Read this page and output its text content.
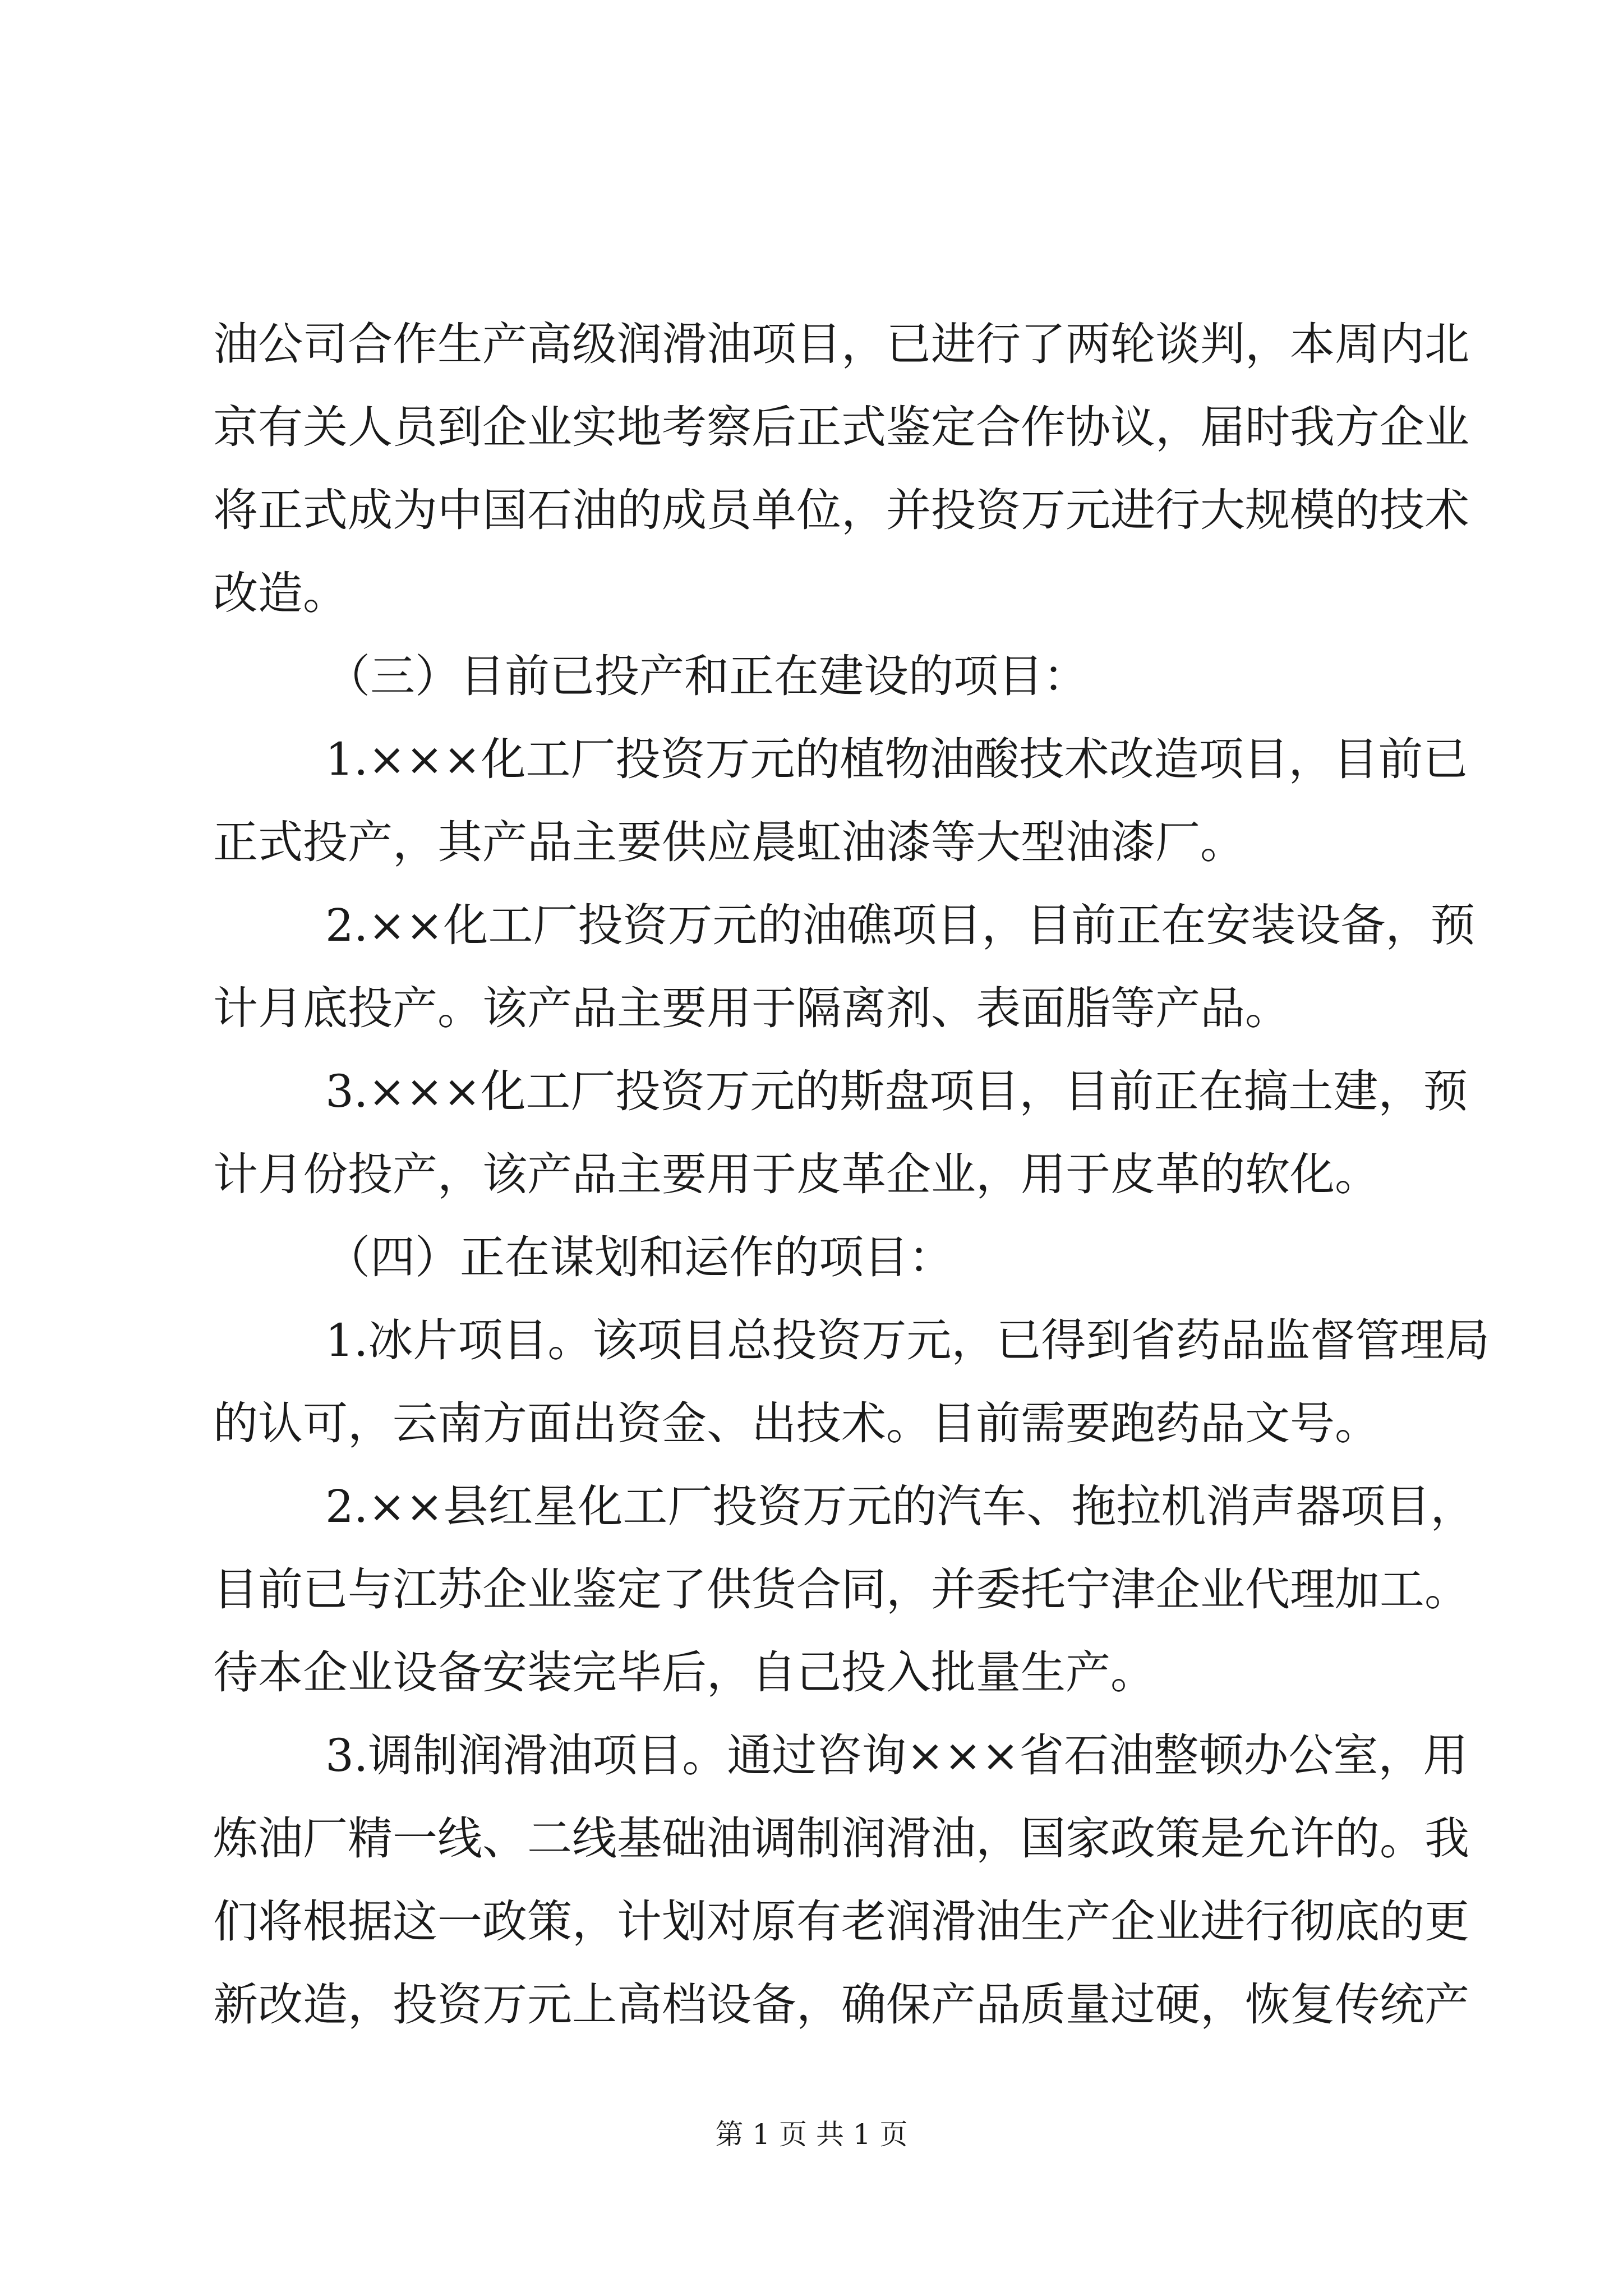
油公司合作生产高级润滑油项目，已进行了两轮谈判，本周内北
京有关人员到企业实地考察后正式鉴定合作协议，届时我方企业
将正式成为中国石油的成员单位，并投资万元进行大规模的技术
改造。
（三）目前已投产和正在建设的项目：
1.×××化工厂投资万元的植物油酸技术改造项目，目前已
正式投产，其产品主要供应晨虹油漆等大型油漆厂。
2.××化工厂投资万元的油礁项目，目前正在安装设备，预
计月底投产。该产品主要用于隔离剂、表面脂等产品。
3.×××化工厂投资万元的斯盘项目，目前正在搞土建，预
计月份投产，该产品主要用于皮革企业，用于皮革的软化。
（四）正在谋划和运作的项目：
1.冰片项目。该项目总投资万元，已得到省药品监督管理局
的认可，云南方面出资金、出技术。目前需要跑药品文号。
2.××县红星化工厂投资万元的汽车、拖拉机消声器项目，
目前已与江苏企业鉴定了供货合同，并委托宁津企业代理加工。
待本企业设备安装完毕后，自己投入批量生产。
3.调制润滑油项目。通过咨询×××省石油整顿办公室，用
炼油厂精一线、二线基础油调制润滑油，国家政策是允许的。我
们将根据这一政策，计划对原有老润滑油生产企业进行彻底的更
新改造，投资万元上高档设备，确保产品质量过硬，恢复传统产
第 1 页 共 1 页
